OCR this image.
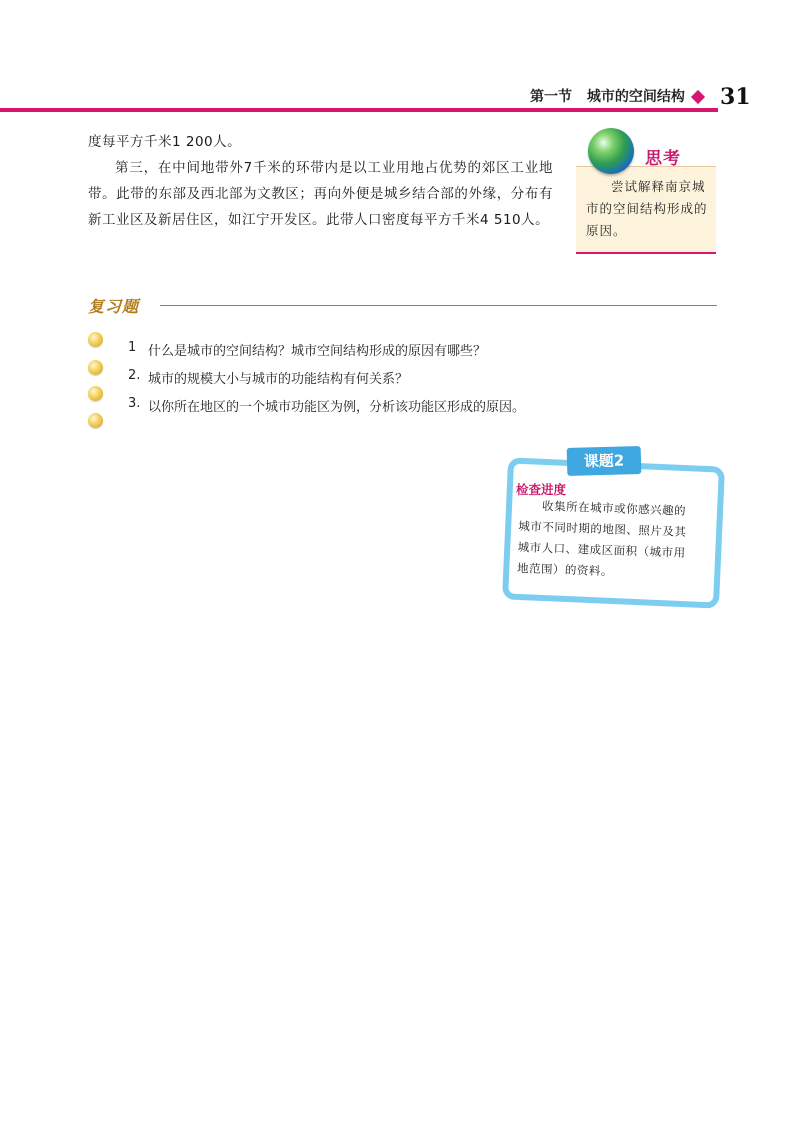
第一节 城市的空间结构 31

度每平方千米1 200人。

第三，在中间地带外7千米的环带内是以工业用地占优势的郊区工业地带。此带的东部及西北部为文教区；再向外便是城乡结合部的外缘，分布有新工业区及新居住区，如江宁开发区。此带人口密度每平方千米4 510人。

思考

尝试解释南京城市的空间结构形成的原因。

复习题
1 什么是城市的空间结构？城市空间结构形成的原因有哪些？
2. 城市的规模大小与城市的功能结构有何关系？
3. 以你所在地区的一个城市功能区为例，分析该功能区形成的原因。
课题2
检查进度

收集所在城市或你感兴趣的城市不同时期的地图、照片及其城市人口、建成区面积（城市用地范围）的资料。
